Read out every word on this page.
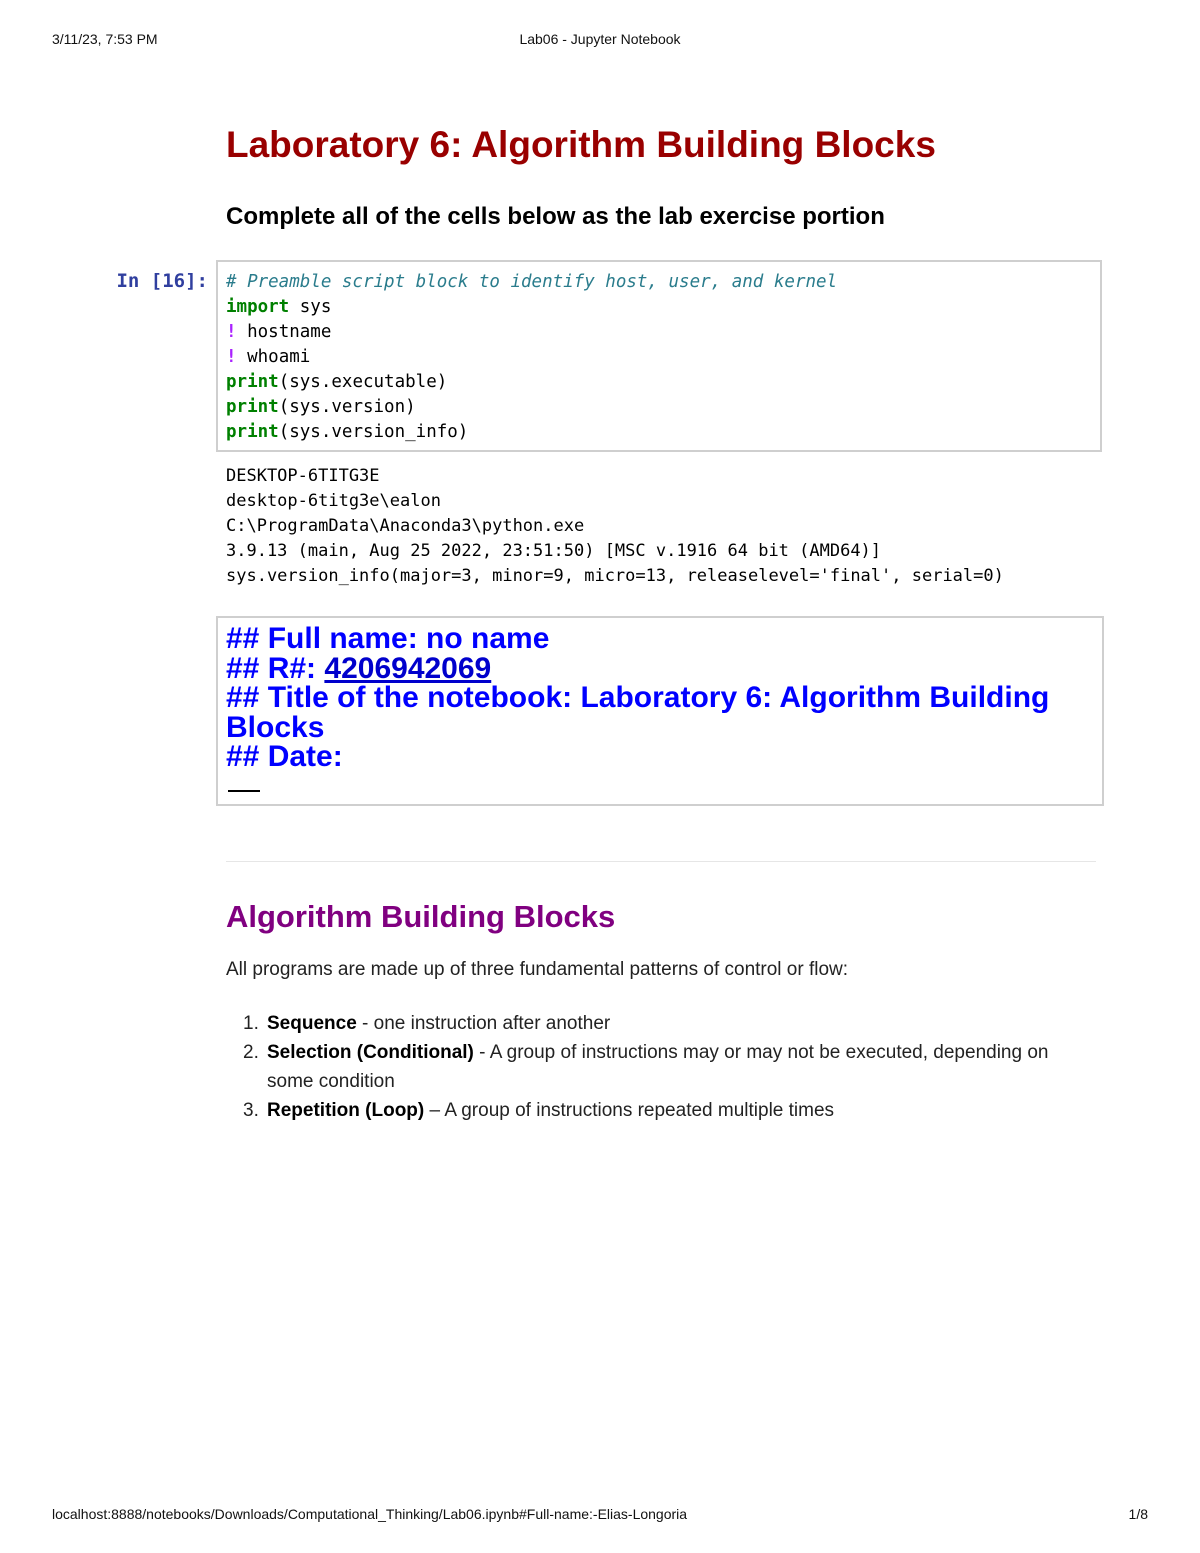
3/11/23, 7:53 PM	Lab06 - Jupyter Notebook
Laboratory 6: Algorithm Building Blocks
Complete all of the cells below as the lab exercise portion
In [16]: # Preamble script block to identify host, user, and kernel
import sys
! hostname
! whoami
print(sys.executable)
print(sys.version)
print(sys.version_info)
DESKTOP-6TITG3E
desktop-6titg3e\ealon
C:\ProgramData\Anaconda3\python.exe
3.9.13 (main, Aug 25 2022, 23:51:50) [MSC v.1916 64 bit (AMD64)]
sys.version_info(major=3, minor=9, micro=13, releaselevel='final', serial=0)
## Full name: no name
## R#: 4206942069
## Title of the notebook: Laboratory 6: Algorithm Building Blocks
## Date:
Algorithm Building Blocks

All programs are made up of three fundamental patterns of control or flow:

1. Sequence - one instruction after another
2. Selection (Conditional) - A group of instructions may or may not be executed, depending on some condition
3. Repetition (Loop) – A group of instructions repeated multiple times
localhost:8888/notebooks/Downloads/Computational_Thinking/Lab06.ipynb#Full-name:-Elias-Longoria	1/8
